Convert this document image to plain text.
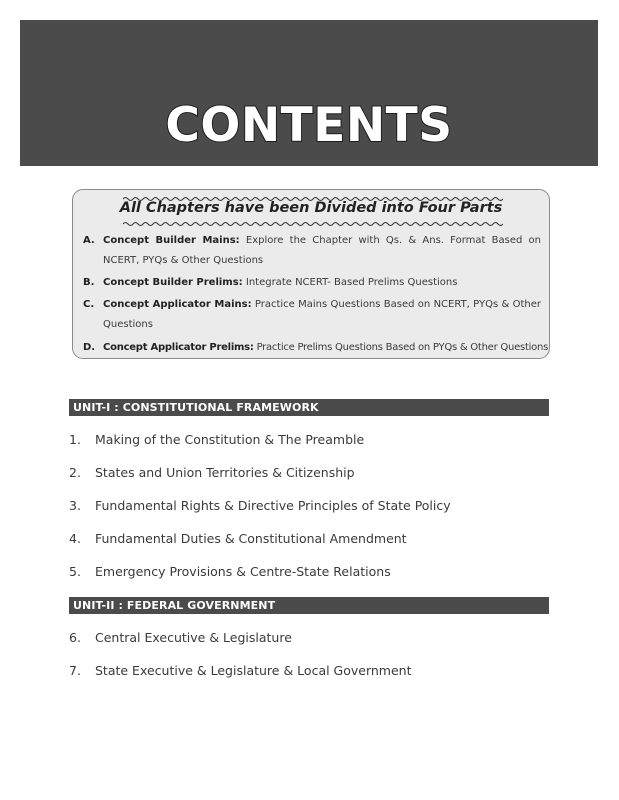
CONTENTS
All Chapters have been Divided into Four Parts
A. Concept Builder Mains: Explore the Chapter with Qs. & Ans. Format Based on NCERT, PYQs & Other Questions
B. Concept Builder Prelims: Integrate NCERT- Based Prelims Questions
C. Concept Applicator Mains: Practice Mains Questions Based on NCERT, PYQs & Other Questions
D. Concept Applicator Prelims: Practice Prelims Questions Based on PYQs & Other Questions
UNIT-I : CONSTITUTIONAL FRAMEWORK
1. Making of the Constitution & The Preamble
2. States and Union Territories & Citizenship
3. Fundamental Rights & Directive Principles of State Policy
4. Fundamental Duties & Constitutional Amendment
5. Emergency Provisions & Centre-State Relations
UNIT-II : FEDERAL GOVERNMENT
6. Central Executive & Legislature
7. State Executive & Legislature & Local Government
